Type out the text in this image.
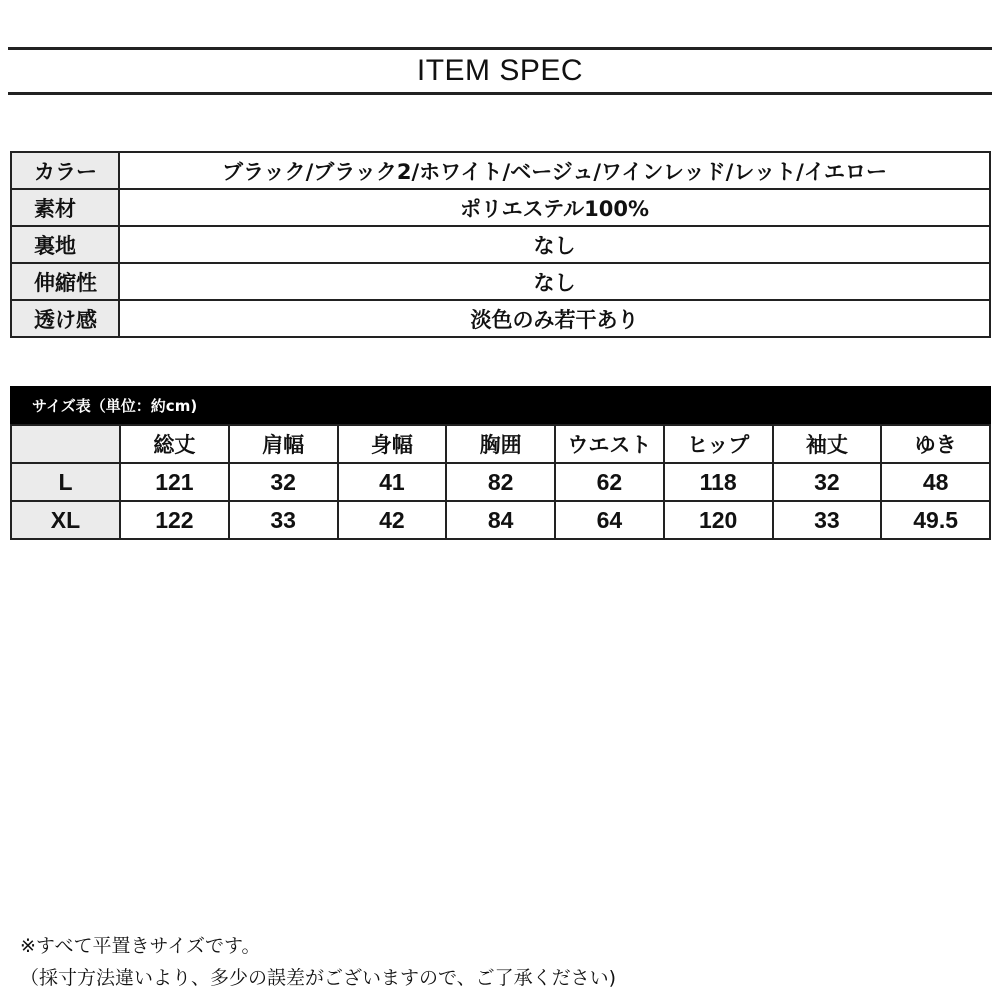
ITEM SPEC
カラー	ブラック/ブラック2/ホワイト/ベージュ/ワインレッド/レット/イエロー
素材	ポリエステル100%
裏地	なし
伸縮性	なし
透け感	淡色のみ若干あり
サイズ表（単位：約cm)
	総丈	肩幅	身幅	胸囲	ウエスト	ヒップ	袖丈	ゆき
L	121	32	41	82	62	118	32	48
XL	122	33	42	84	64	120	33	49.5
※すべて平置きサイズです。
（採寸方法違いより、多少の誤差がございますので、ご了承ください)
